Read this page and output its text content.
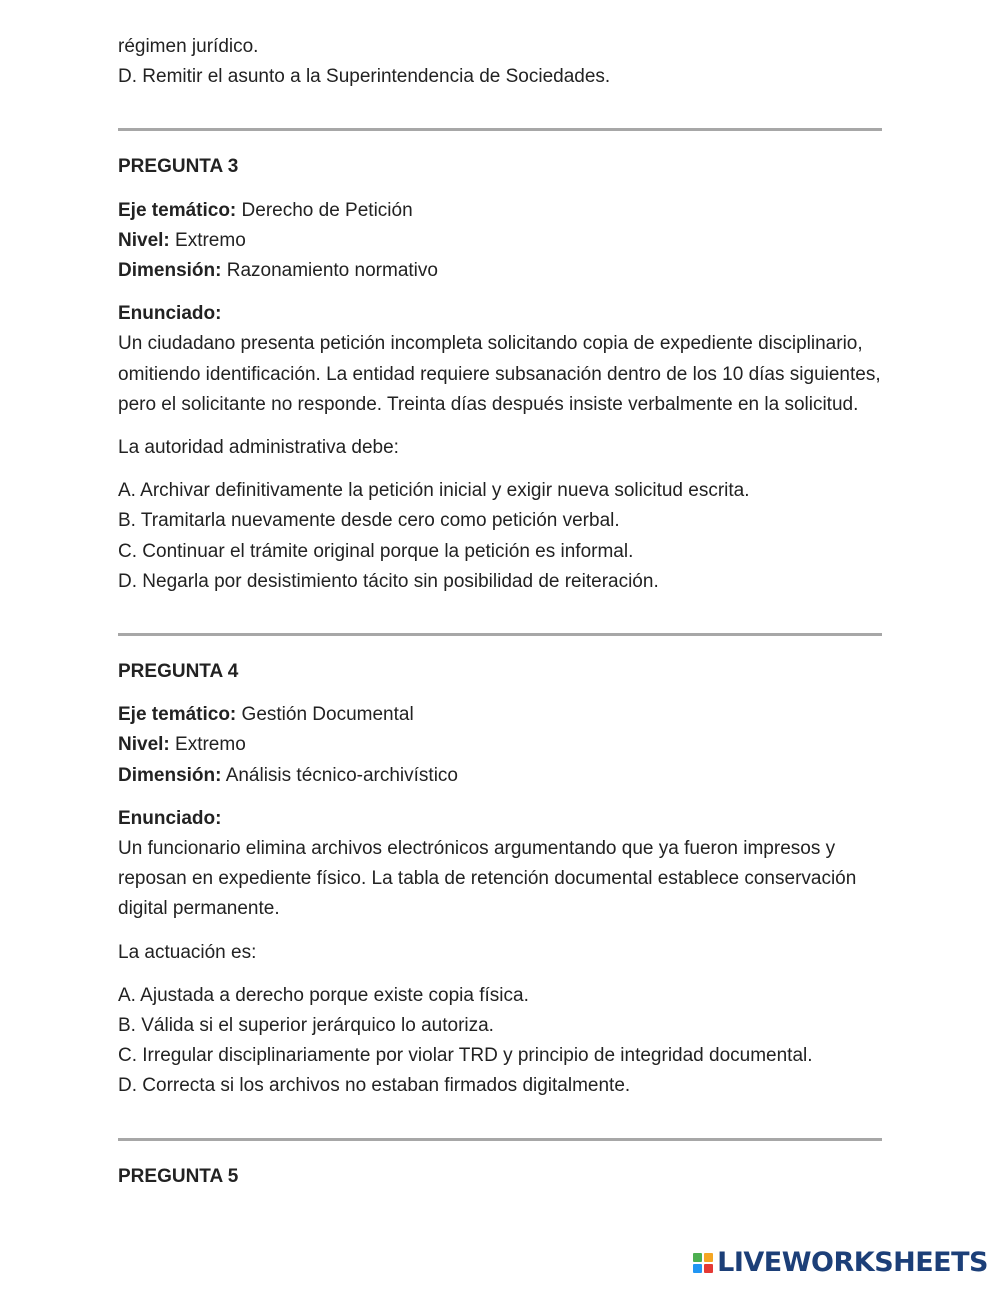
régimen jurídico.
D. Remitir el asunto a la Superintendencia de Sociedades.
PREGUNTA 3
Eje temático: Derecho de Petición
Nivel: Extremo
Dimensión: Razonamiento normativo
Enunciado:
Un ciudadano presenta petición incompleta solicitando copia de expediente disciplinario, omitiendo identificación. La entidad requiere subsanación dentro de los 10 días siguientes, pero el solicitante no responde. Treinta días después insiste verbalmente en la solicitud.
La autoridad administrativa debe:
A. Archivar definitivamente la petición inicial y exigir nueva solicitud escrita.
B. Tramitarla nuevamente desde cero como petición verbal.
C. Continuar el trámite original porque la petición es informal.
D. Negarla por desistimiento tácito sin posibilidad de reiteración.
PREGUNTA 4
Eje temático: Gestión Documental
Nivel: Extremo
Dimensión: Análisis técnico-archivístico
Enunciado:
Un funcionario elimina archivos electrónicos argumentando que ya fueron impresos y reposan en expediente físico. La tabla de retención documental establece conservación digital permanente.
La actuación es:
A. Ajustada a derecho porque existe copia física.
B. Válida si el superior jerárquico lo autoriza.
C. Irregular disciplinariamente por violar TRD y principio de integridad documental.
D. Correcta si los archivos no estaban firmados digitalmente.
PREGUNTA 5
LIVEWORKSHEETS
